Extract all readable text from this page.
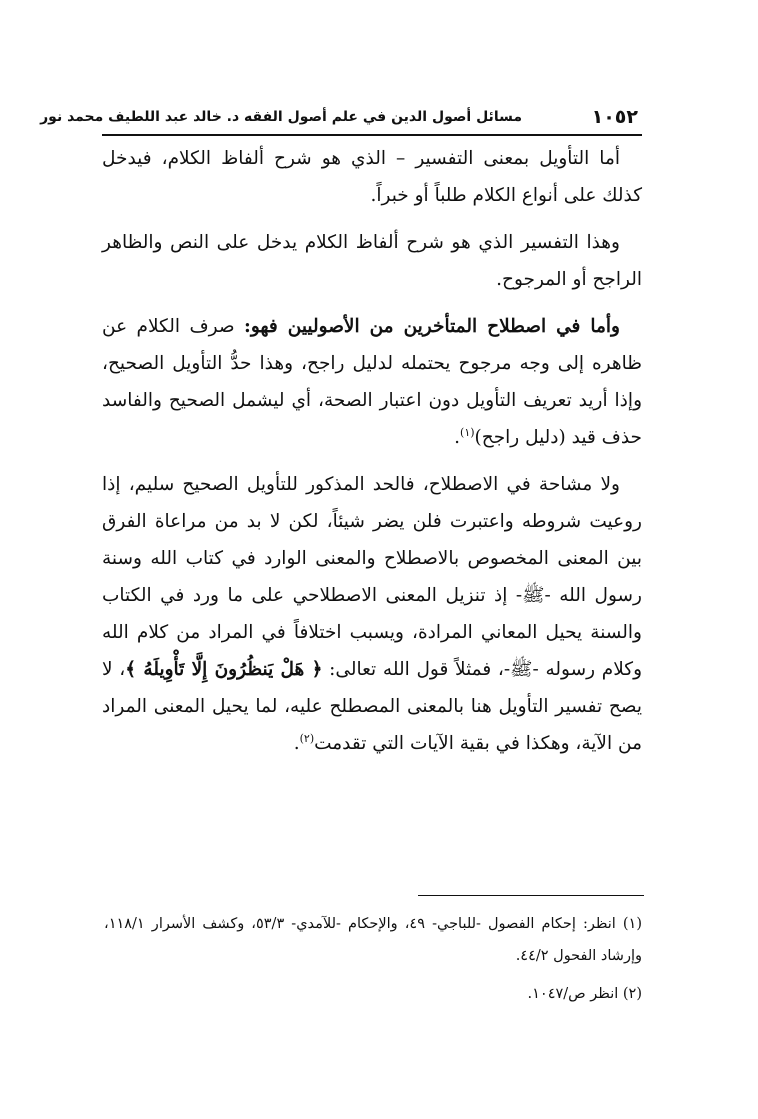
١٠٥٢
مسائل أصول الدين في علم أصول الفقه د. خالد عبد اللطيف محمد نور

أما التأويل بمعنى التفسير – الذي هو شرح ألفاظ الكلام، فيدخل كذلك على أنواع الكلام طلباً أو خبراً.

وهذا التفسير الذي هو شرح ألفاظ الكلام يدخل على النص والظاهر الراجح أو المرجوح.

وأما في اصطلاح المتأخرين من الأصوليين فهو: صرف الكلام عن ظاهره إلى وجه مرجوح يحتمله لدليل راجح، وهذا حدُّ التأويل الصحيح، وإذا أريد تعريف التأويل دون اعتبار الصحة، أي ليشمل الصحيح والفاسد حذف قيد (دليل راجح)$^{(١)}$.

ولا مشاحة في الاصطلاح، فالحد المذكور للتأويل الصحيح سليم، إذا روعيت شروطه واعتبرت فلن يضر شيئاً، لكن لا بد من مراعاة الفرق بين المعنى المخصوص بالاصطلاح والمعنى الوارد في كتاب الله وسنة رسول الله -ﷺ- إذ تنزيل المعنى الاصطلاحي على ما ورد في الكتاب والسنة يحيل المعاني المرادة، ويسبب اختلافاً في المراد من كلام الله وكلام رسوله -ﷺ-، فمثلاً قول الله تعالى: ﴿ هَلْ يَنظُرُونَ إِلَّا تَأْوِيلَهُ ﴾، لا يصح تفسير التأويل هنا بالمعنى المصطلح عليه، لما يحيل المعنى المراد من الآية، وهكذا في بقية الآيات التي تقدمت$^{(٢)}$.

(١) انظر: إحكام الفصول -للباجي- ٤٩، والإحكام -للآمدي- ٥٣/٣، وكشف الأسرار ١١٨/١، وإرشاد الفحول ٤٤/٢.

(٢) انظر ص/١٠٤٧.
